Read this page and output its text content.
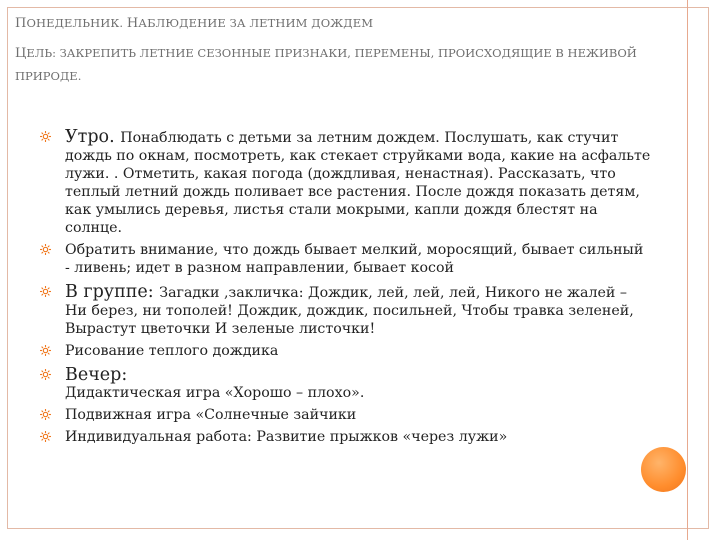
ПОНЕДЕЛЬНИК. НАБЛЮДЕНИЕ ЗА ЛЕТНИМ ДОЖДЕМ
ЦЕЛЬ: ЗАКРЕПИТЬ ЛЕТНИЕ СЕЗОННЫЕ ПРИЗНАКИ, ПЕРЕМЕНЫ, ПРОИСХОДЯЩИЕ В НЕЖИВОЙ ПРИРОДЕ.
Утро. Понаблюдать с детьми за летним дождем. Послушать, как стучит дождь по окнам, посмотреть, как стекает струйками вода, какие на асфальте лужи. . Отметить, какая погода (дождливая, ненастная). Рассказать, что теплый летний дождь поливает все растения. После дождя показать детям, как умылись деревья, листья стали мокрыми, капли дождя блестят на солнце.
Обратить внимание, что дождь бывает мелкий, моросящий, бывает сильный - ливень; идет в разном направлении, бывает косой
В группе: Загадки ,закличка: Дождик, лей, лей, лей, Никого не жалей – Ни берез, ни тополей! Дождик, дождик, посильней, Чтобы травка зеленей, Вырастут цветочки И зеленые листочки!
Рисование теплого дождика
Вечер:
Дидактическая игра «Хорошо – плохо».
Подвижная игра «Солнечные зайчики
Индивидуальная работа: Развитие прыжков «через лужи»
